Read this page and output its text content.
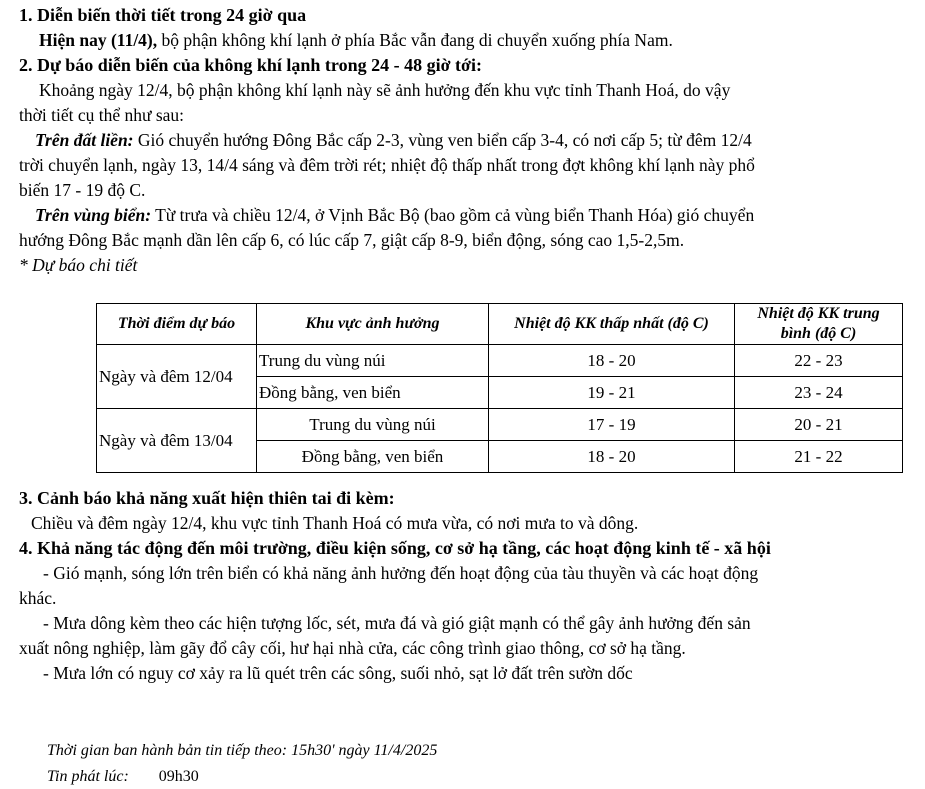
1. Diễn biến thời tiết trong 24 giờ qua

Hiện nay (11/4), bộ phận không khí lạnh ở phía Bắc vẫn đang di chuyển xuống phía Nam.

2. Dự báo diễn biến của không khí lạnh trong 24 - 48 giờ tới:

Khoảng ngày 12/4, bộ phận không khí lạnh này sẽ ảnh hưởng đến khu vực tỉnh Thanh Hoá, do vậy

thời tiết cụ thể như sau:

Trên đất liền: Gió chuyển hướng Đông Bắc cấp 2-3, vùng ven biển cấp 3-4, có nơi cấp 5; từ đêm 12/4

trời chuyển lạnh, ngày 13, 14/4 sáng và đêm trời rét; nhiệt độ thấp nhất trong đợt không khí lạnh này phổ

biến 17 - 19 độ C.

Trên vùng biển: Từ trưa và chiều 12/4, ở Vịnh Bắc Bộ (bao gồm cả vùng biển Thanh Hóa) gió chuyển

hướng Đông Bắc mạnh dần lên cấp 6, có lúc cấp 7, giật cấp 8-9, biển động, sóng cao 1,5-2,5m.

* Dự báo chi tiết

Thời điểm dự báo	Khu vực ảnh hưởng	Nhiệt độ KK thấp nhất (độ C)	Nhiệt độ KK trung
bình (độ C)
Ngày và đêm 12/04	Trung du vùng núi	18 - 20	22 - 23
	Đồng bằng, ven biển	19 - 21	23 - 24
Ngày và đêm 13/04	Trung du vùng núi	17 - 19	20 - 21
	Đồng bằng, ven biển	18 - 20	21 - 22
3. Cảnh báo khả năng xuất hiện thiên tai đi kèm:

Chiều và đêm ngày 12/4, khu vực tỉnh Thanh Hoá có mưa vừa, có nơi mưa to và dông.

4. Khả năng tác động đến môi trường, điều kiện sống, cơ sở hạ tầng, các hoạt động kinh tế - xã hội

- Gió mạnh, sóng lớn trên biển có khả năng ảnh hưởng đến hoạt động của tàu thuyền và các hoạt động

khác.

- Mưa dông kèm theo các hiện tượng lốc, sét, mưa đá và gió giật mạnh có thể gây ảnh hưởng đến sản

xuất nông nghiệp, làm gãy đổ cây cối, hư hại nhà cửa, các công trình giao thông, cơ sở hạ tầng.

- Mưa lớn có nguy cơ xảy ra lũ quét trên các sông, suối nhỏ, sạt lở đất trên sườn dốc

Thời gian ban hành bản tin tiếp theo: 15h30' ngày 11/4/2025
Tin phát lúc: 09h30
